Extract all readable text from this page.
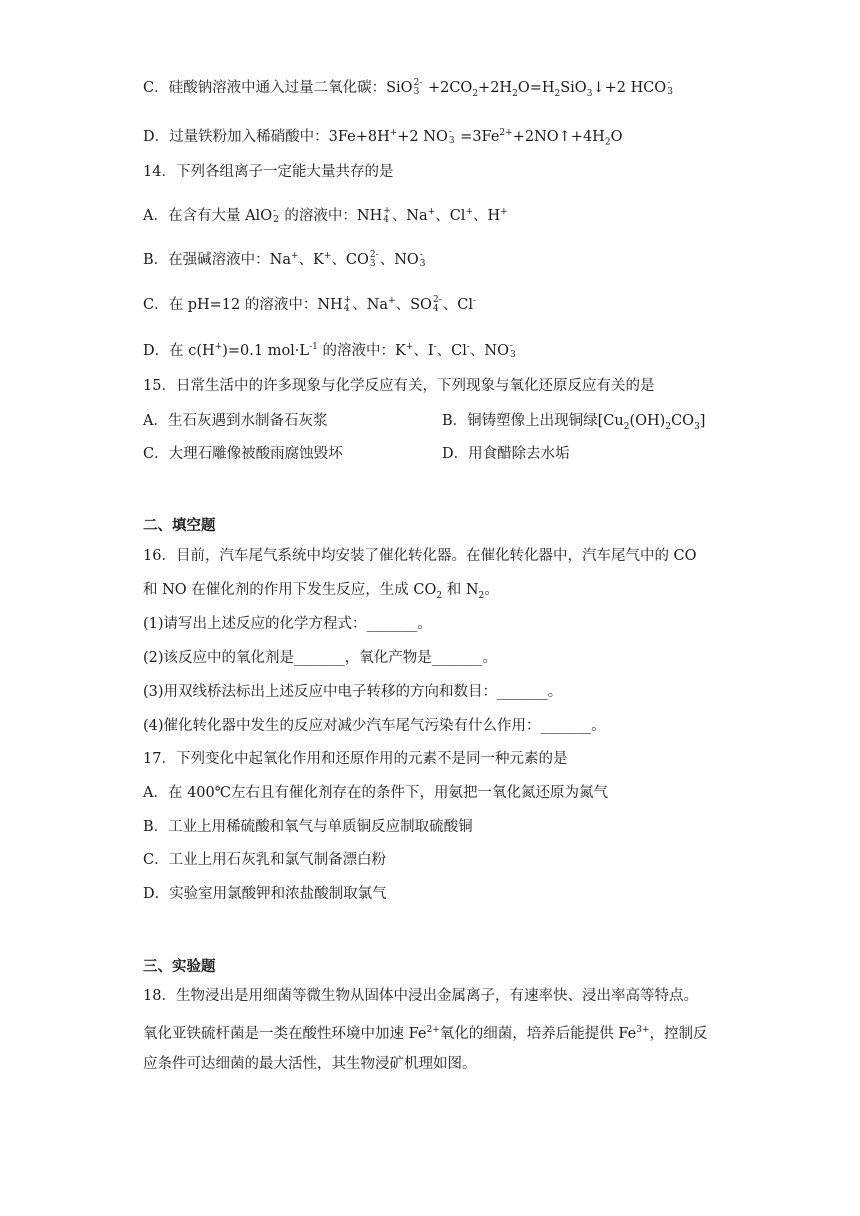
C．硅酸钠溶液中通入过量二氧化碳：SiO 2-
$3 +2CO_2+2H_2O=H_2SiO_3↓+2$ HCO -
3
D．过量铁粉加入稀硝酸中：3Fe+8H++2 NO -
$3 =3Fe^{2+}+2NO↑+4H_2O$
14．下列各组离子一定能大量共存的是
A．在含有大量 AlO -
2 的溶液中：NH +
4 、Na+、Cl+、H+
B．在强碱溶液中：Na+、K+、CO 2-
3 、NO -
3
C．在 pH=12 的溶液中：NH +
4 、Na+、SO 2-
4 、Cl-
D．在 c(H+)=0.1 $mol\cdot L^{-1}$ 的溶液中：K+、I-、Cl-、NO -
3
15．日常生活中的许多现象与化学反应有关，下列现象与氧化还原反应有关的是
A．生石灰遇到水制备石灰浆	B．铜铸塑像上出现铜绿$[Cu_2(OH)_2CO_3]$
C．大理石雕像被酸雨腐蚀毁坏	D．用食醋除去水垢
二、填空题
16．目前，汽车尾气系统中均安装了催化转化器。在催化转化器中，汽车尾气中的 CO
和 NO 在催化剂的作用下发生反应，生成 $CO_2$ 和 $N_2$。
(1)请写出上述反应的化学方程式：_______。
(2)该反应中的氧化剂是_______，氧化产物是_______。
(3)用双线桥法标出上述反应中电子转移的方向和数目：_______。
(4)催化转化器中发生的反应对减少汽车尾气污染有什么作用：_______。
17．下列变化中起氧化作用和还原作用的元素不是同一种元素的是
A．在 400℃左右且有催化剂存在的条件下，用氨把一氧化氮还原为氮气
B．工业上用稀硫酸和氧气与单质铜反应制取硫酸铜
C．工业上用石灰乳和氯气制备漂白粉
D．实验室用氯酸钾和浓盐酸制取氯气
三、实验题
18．生物浸出是用细菌等微生物从固体中浸出金属离子，有速率快、浸出率高等特点。
氧化亚铁硫杆菌是一类在酸性环境中加速 $Fe^{2+}$氧化的细菌，培养后能提供 $Fe^{3+}$，控制反
应条件可达细菌的最大活性，其生物浸矿机理如图。
